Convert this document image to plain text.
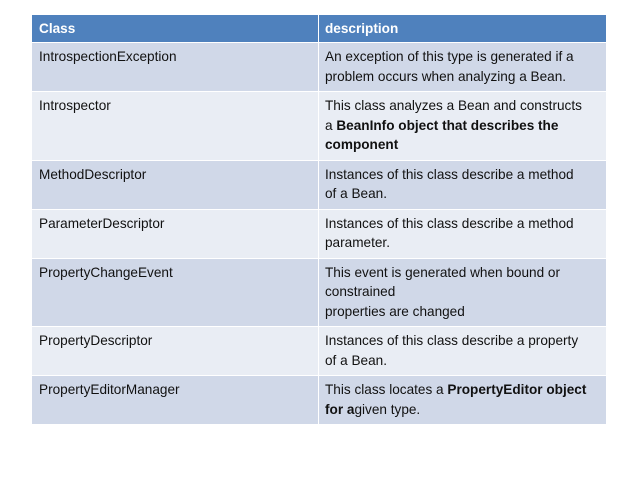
Class	description
IntrospectionException	An exception of this type is generated if a
problem occurs when analyzing a Bean.
Introspector	This class analyzes a Bean and constructs
a BeanInfo object that describes the
component
MethodDescriptor	Instances of this class describe a method
of a Bean.
ParameterDescriptor	Instances of this class describe a method
parameter.
PropertyChangeEvent	This event is generated when bound or
constrained
properties are changed
PropertyDescriptor	Instances of this class describe a property
of a Bean.
PropertyEditorManager	This class locates a PropertyEditor object
for agiven type.
